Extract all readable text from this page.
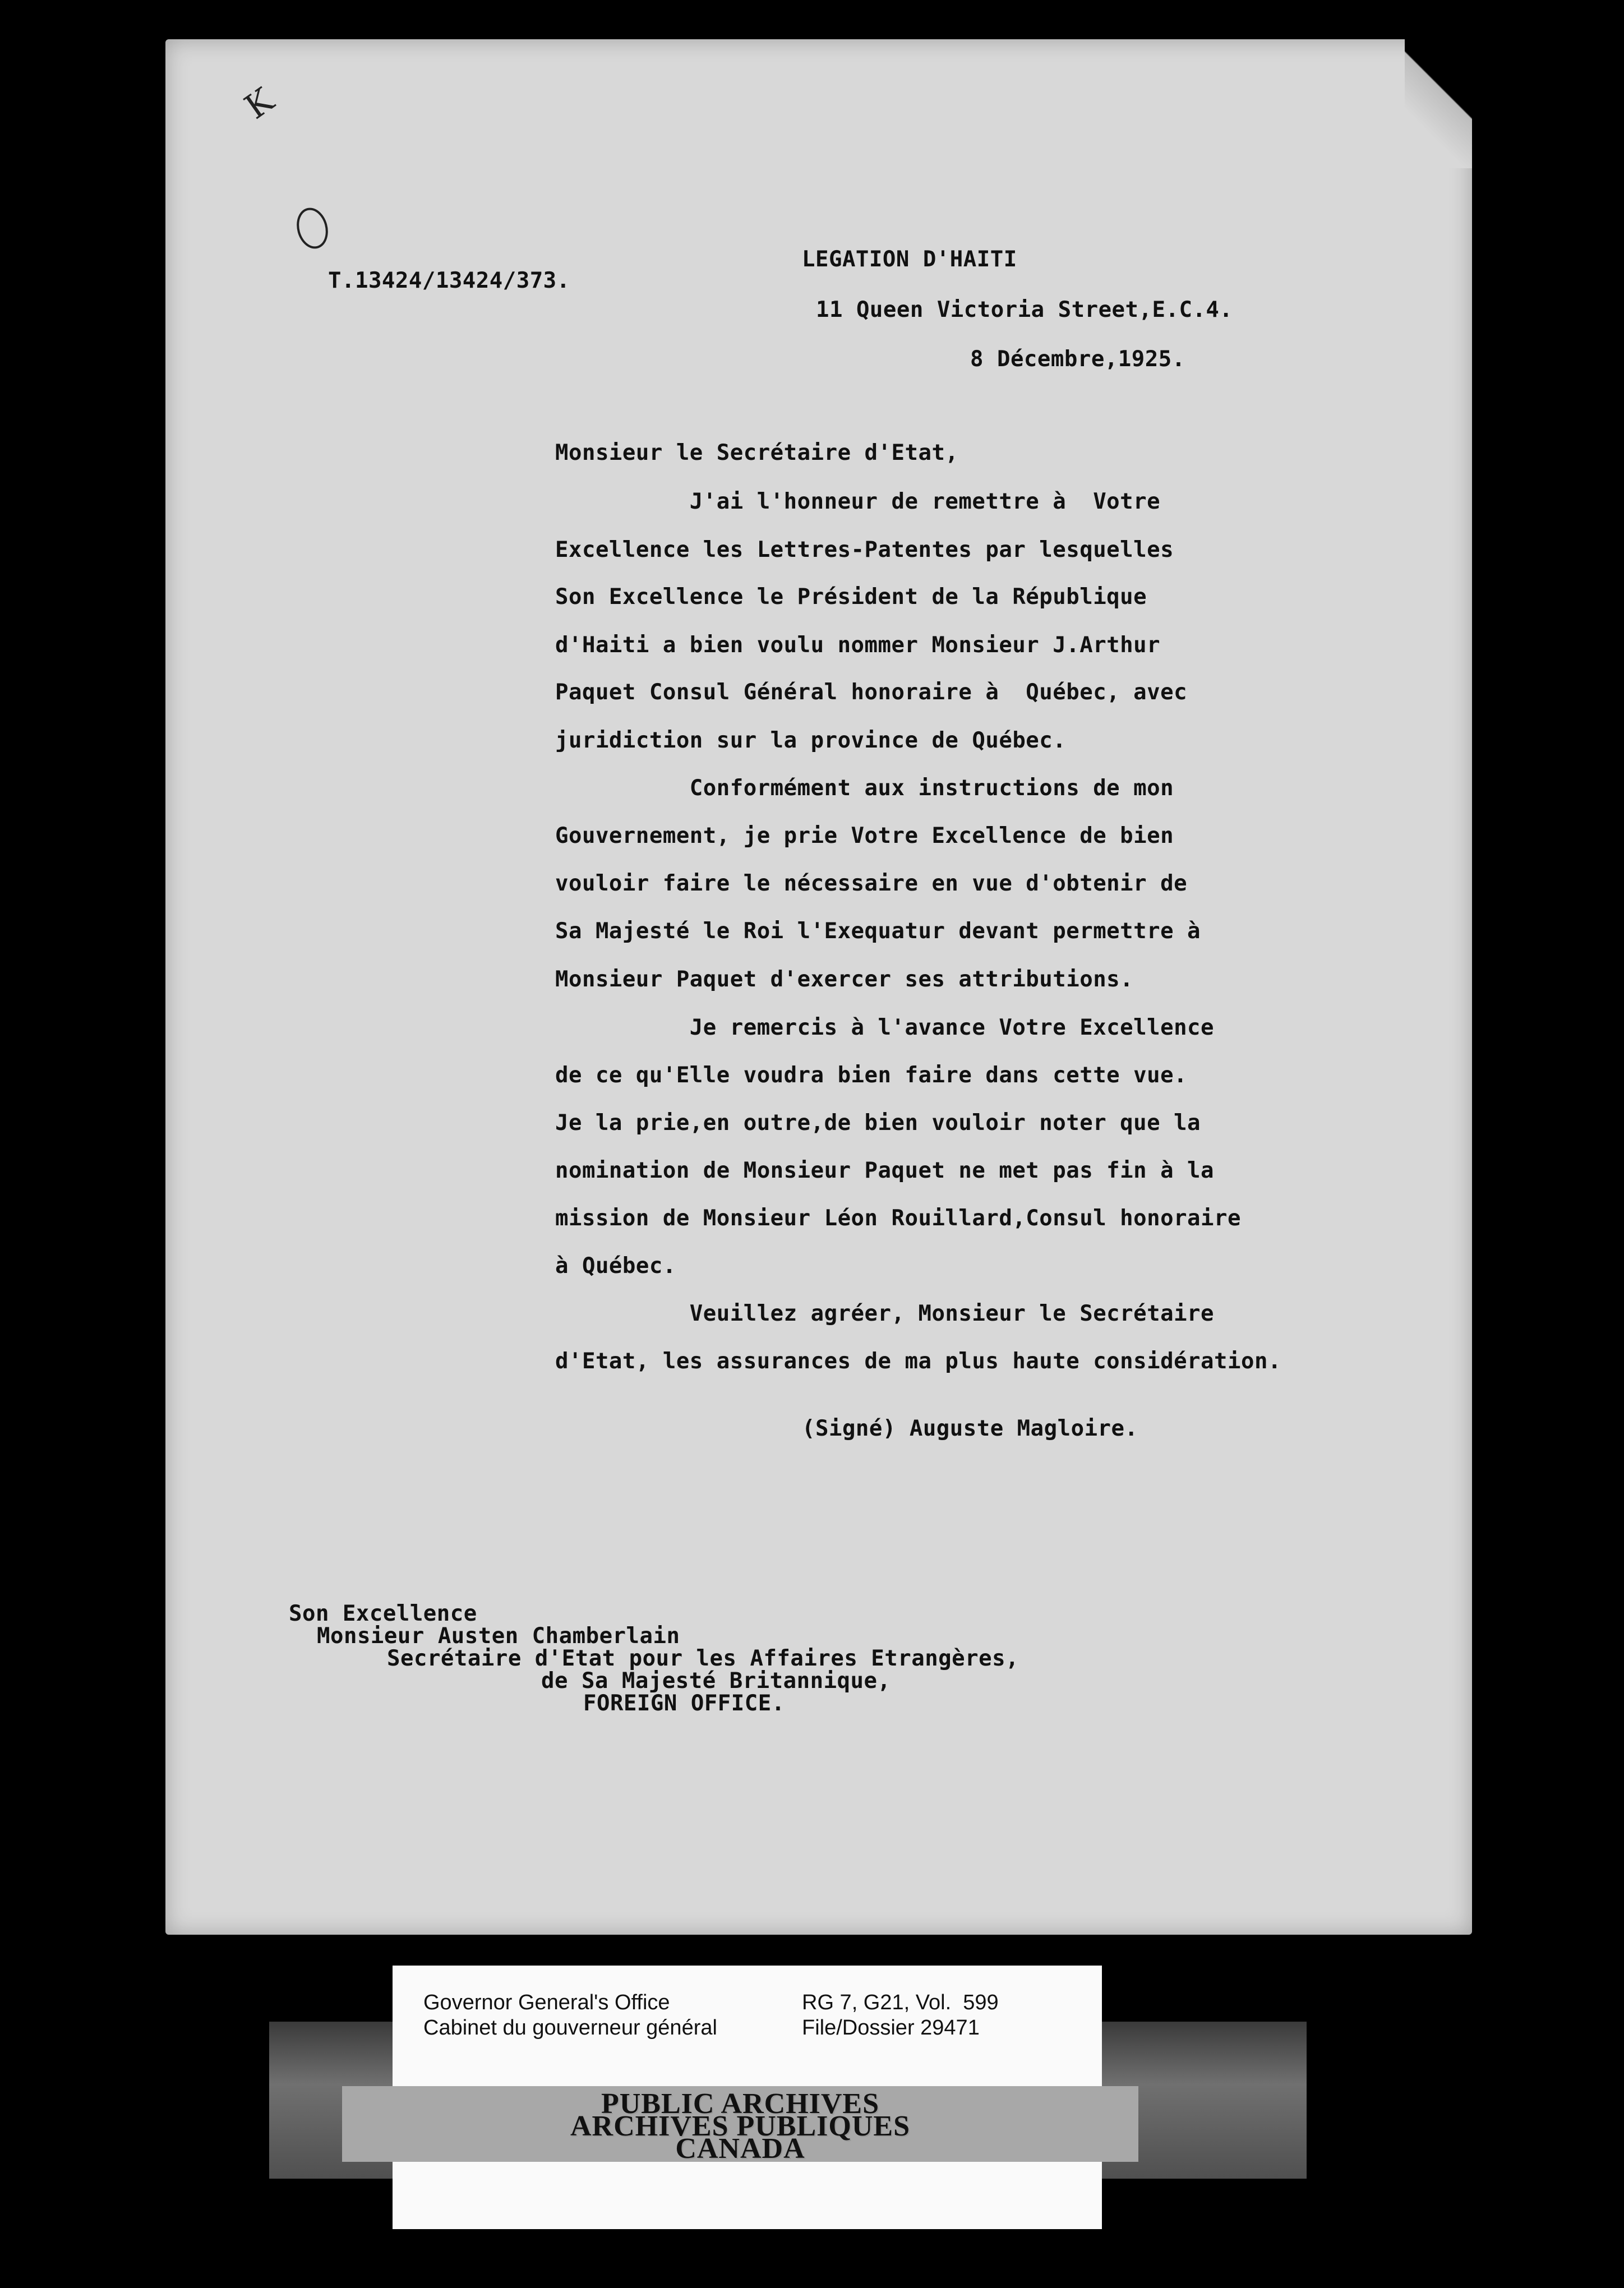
K
T.13424/13424/373.
LEGATION D'HAITI
11 Queen Victoria Street,E.C.4.
8 Décembre,1925.
Monsieur le Secrétaire d'Etat,
J'ai l'honneur de remettre à  Votre
Excellence les Lettres-Patentes par lesquelles
Son Excellence le Président de la République
d'Haiti a bien voulu nommer Monsieur J.Arthur
Paquet Consul Général honoraire à  Québec, avec
juridiction sur la province de Québec.
Conformément aux instructions de mon
Gouvernement, je prie Votre Excellence de bien
vouloir faire le nécessaire en vue d'obtenir de
Sa Majesté le Roi l'Exequatur devant permettre à
Monsieur Paquet d'exercer ses attributions.
Je remercis à l'avance Votre Excellence
de ce qu'Elle voudra bien faire dans cette vue.
Je la prie,en outre,de bien vouloir noter que la
nomination de Monsieur Paquet ne met pas fin à la
mission de Monsieur Léon Rouillard,Consul honoraire
à Québec.
Veuillez agréer, Monsieur le Secrétaire
d'Etat, les assurances de ma plus haute considération.
(Signé) Auguste Magloire.
Son Excellence
Monsieur Austen Chamberlain
Secrétaire d'Etat pour les Affaires Etrangères,
de Sa Majesté Britannique,
FOREIGN OFFICE.
Governor General's Office
Cabinet du gouverneur général
RG 7, G21, Vol.  599
File/Dossier 29471
PUBLIC ARCHIVES
ARCHIVES PUBLIQUES
CANADA
